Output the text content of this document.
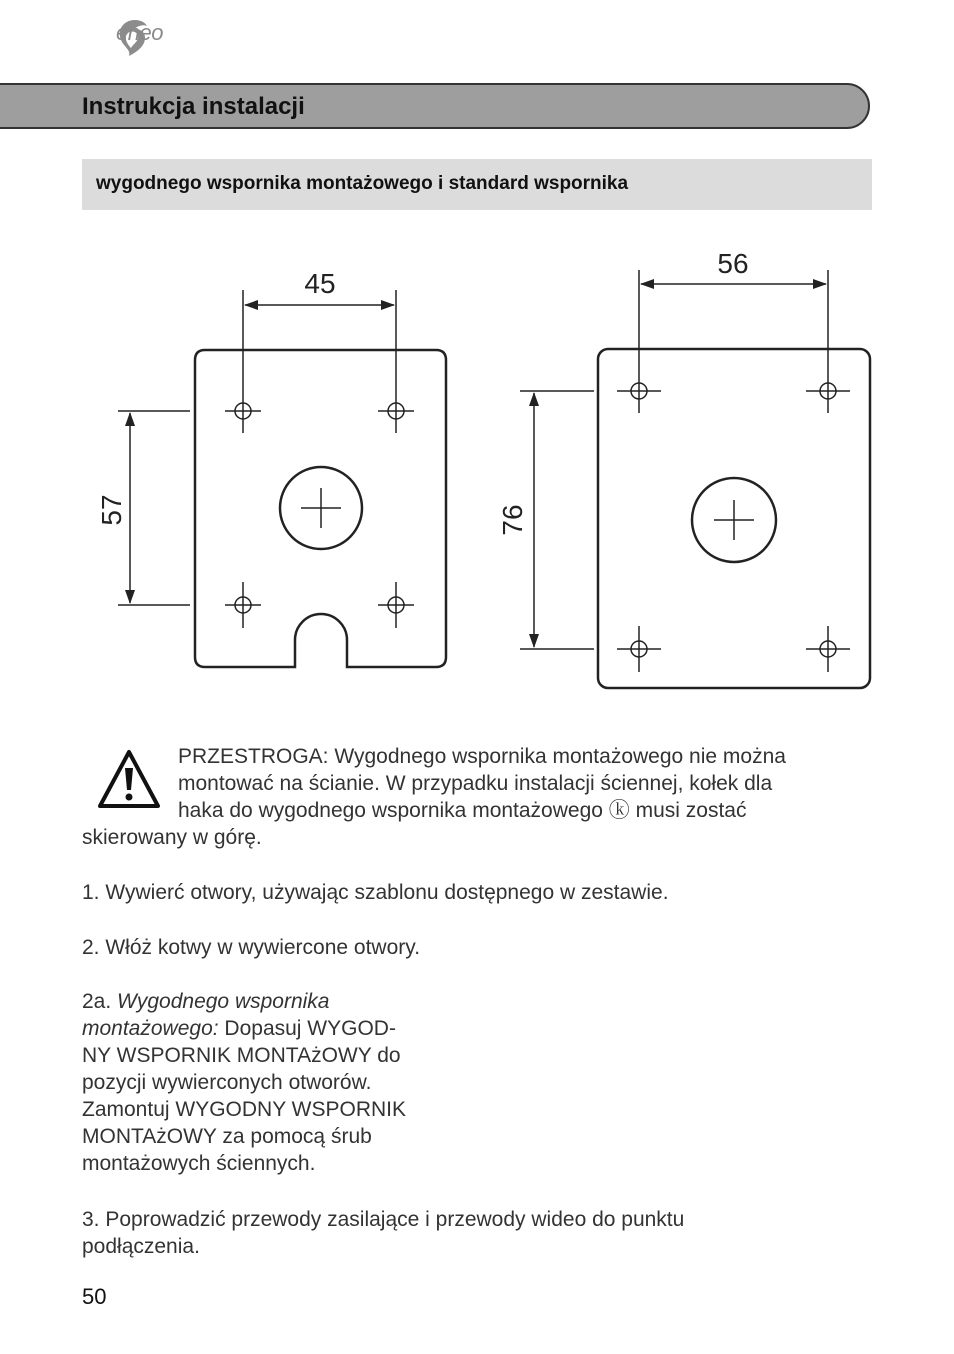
eneo
Instrukcja instalacji
wygodnego wspornika montażowego i standard wspornika
45
57
56
76
PRZESTROGA: Wygodnego wspornika montażowego nie można
montować na ścianie. W przypadku instalacji ściennej, kołek dla
haka do wygodnego wspornika montażowego ⓚ musi zostać
skierowany w górę.
1. Wywierć otwory, używając szablonu dostępnego w zestawie.
2. Włóż kotwy w wywiercone otwory.
2a. Wygodnego wspornika
montażowego: Dopasuj WYGOD-
NY WSPORNIK MONTAżOWY do
pozycji wywierconych otworów.
Zamontuj WYGODNY WSPORNIK
MONTAżOWY za pomocą śrub
montażowych ściennych.
3. Poprowadzić przewody zasilające i przewody wideo do punktu
podłączenia.
50
